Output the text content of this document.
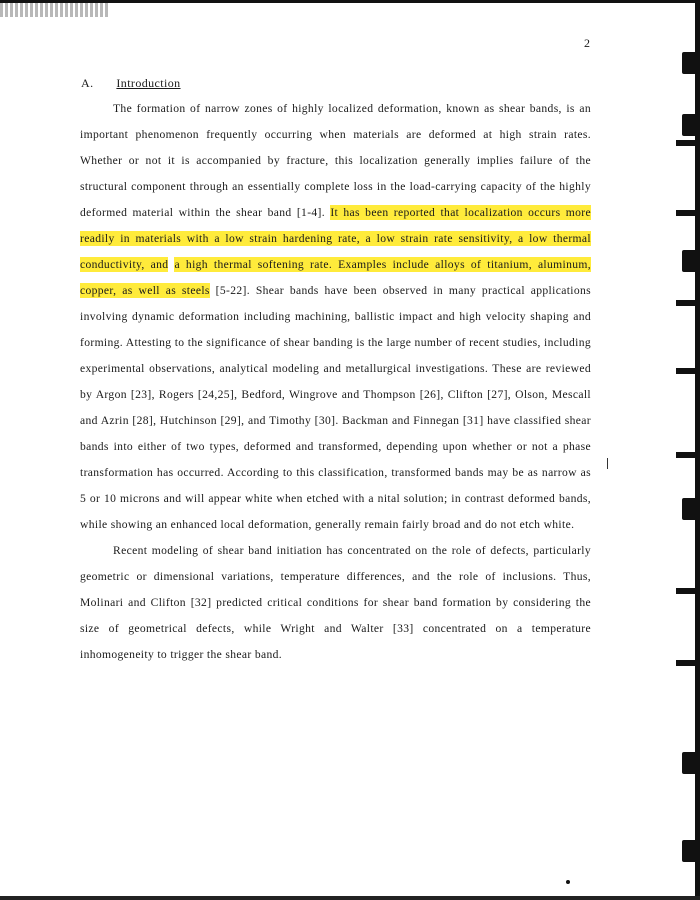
2
A. Introduction

The formation of narrow zones of highly localized deformation, known as shear bands, is an important phenomenon frequently occurring when materials are deformed at high strain rates. Whether or not it is accompanied by fracture, this localization generally implies failure of the structural component through an essentially complete loss in the load-carrying capacity of the highly deformed material within the shear band [1-4]. It has been reported that localization occurs more readily in materials with a low strain hardening rate, a low strain rate sensitivity, a low thermal conductivity, and a high thermal softening rate. Examples include alloys of titanium, aluminum, copper, as well as steels [5-22]. Shear bands have been observed in many practical applications involving dynamic deformation including machining, ballistic impact and high velocity shaping and forming. Attesting to the significance of shear banding is the large number of recent studies, including experimental observations, analytical modeling and metallurgical investigations. These are reviewed by Argon [23], Rogers [24,25], Bedford, Wingrove and Thompson [26], Clifton [27], Olson, Mescall and Azrin [28], Hutchinson [29], and Timothy [30]. Backman and Finnegan [31] have classified shear bands into either of two types, deformed and transformed, depending upon whether or not a phase transformation has occurred. According to this classification, transformed bands may be as narrow as 5 or 10 microns and will appear white when etched with a nital solution; in contrast deformed bands, while showing an enhanced local deformation, generally remain fairly broad and do not etch white.

Recent modeling of shear band initiation has concentrated on the role of defects, particularly geometric or dimensional variations, temperature differences, and the role of inclusions. Thus, Molinari and Clifton [32] predicted critical conditions for shear band formation by considering the size of geometrical defects, while Wright and Walter [33] concentrated on a temperature inhomogeneity to trigger the shear band.
